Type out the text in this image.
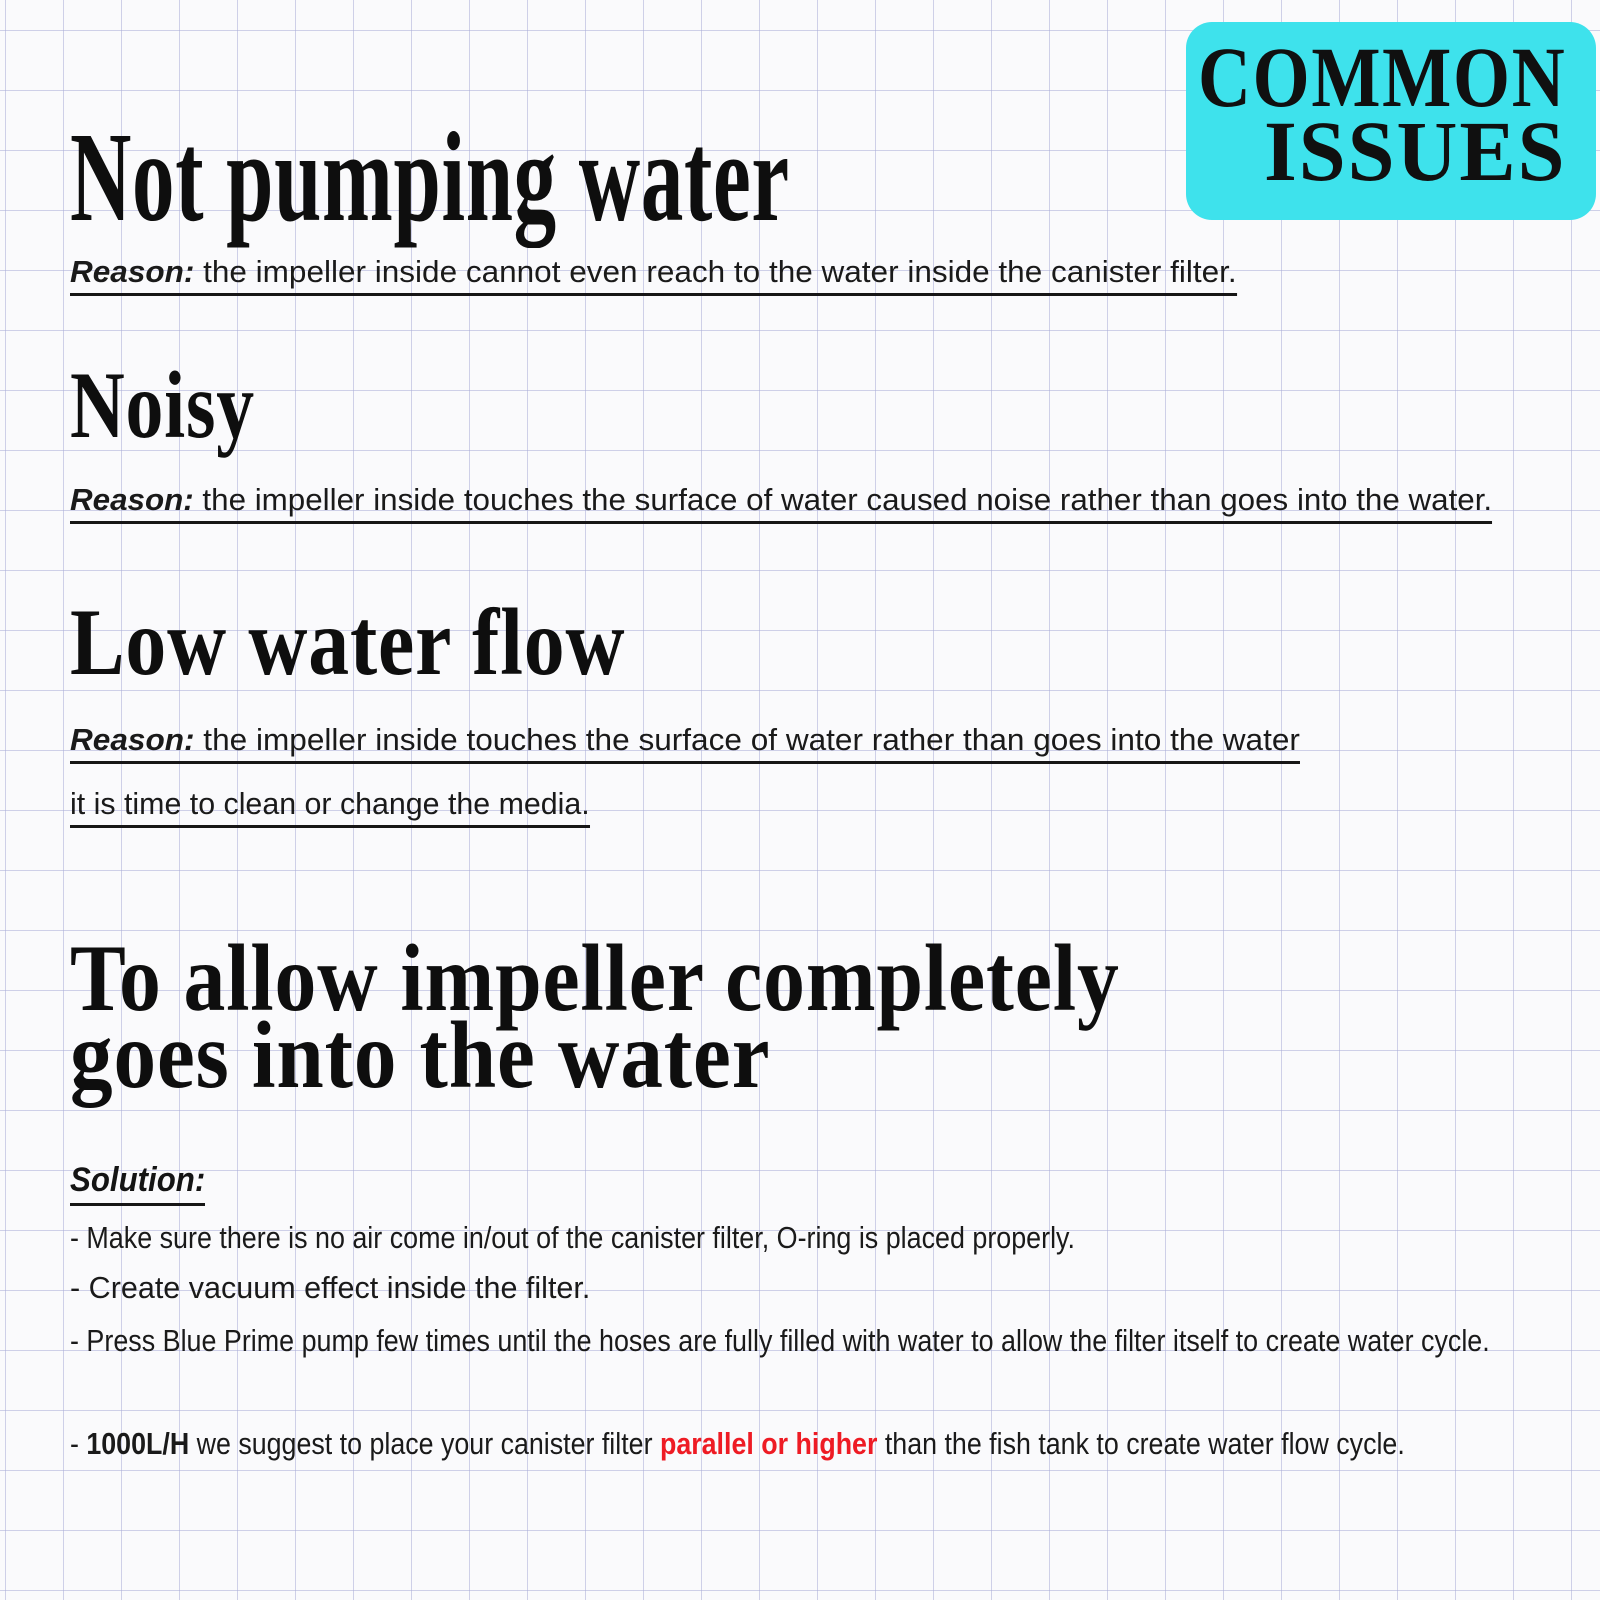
COMMON
ISSUES
Not pumping water
Reason: the impeller inside cannot even reach to the water inside the canister filter.
Noisy
Reason: the impeller inside touches the surface of water caused noise rather than goes into the water.
Low water flow
Reason: the impeller inside touches the surface of water rather than goes into the water
it is time to clean or change the media.
To allow impeller completely
goes into the water
Solution:
- Make sure there is no air come in/out of the canister filter, O-ring is placed properly.
- Create vacuum effect inside the filter.
- Press Blue Prime pump few times until the hoses are fully filled with water to allow the filter itself to create water cycle.
- 1000L/H we suggest to place your canister filter parallel or higher than the fish tank to create water flow cycle.
